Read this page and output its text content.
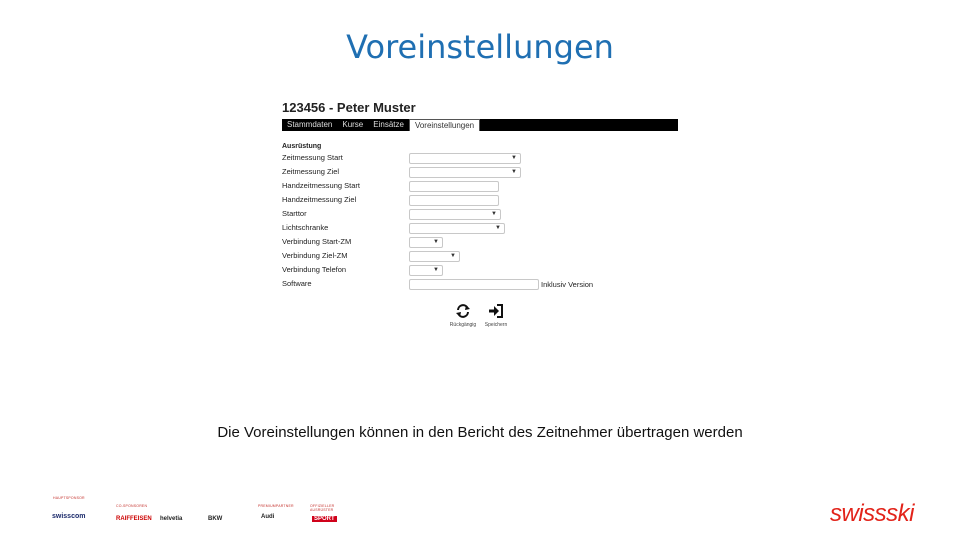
Voreinstellungen
123456 - Peter Muster
Stammdaten	Kurse	Einsätze	Voreinstellungen
Ausrüstung
Zeitmessung Start	▼
Zeitmessung Ziel	▼
Handzeitmessung Start
Handzeitmessung Ziel
Starttor	▼
Lichtschranke	▼
Verbindung Start-ZM	▼
Verbindung Ziel-ZM	▼
Verbindung Telefon	▼
Software	Inklusiv Version
Rückgängig	Speichern
Die Voreinstellungen können in den Bericht des Zeitnehmer übertragen werden
HAUPTSPONSOR
CO-SPONSOREN	PREMIUMPARTNER	OFFIZIELLER AUSRÜSTER
swisscom	RAIFFEISEN helvetia	BKW	Audi	SPORT	swissski
